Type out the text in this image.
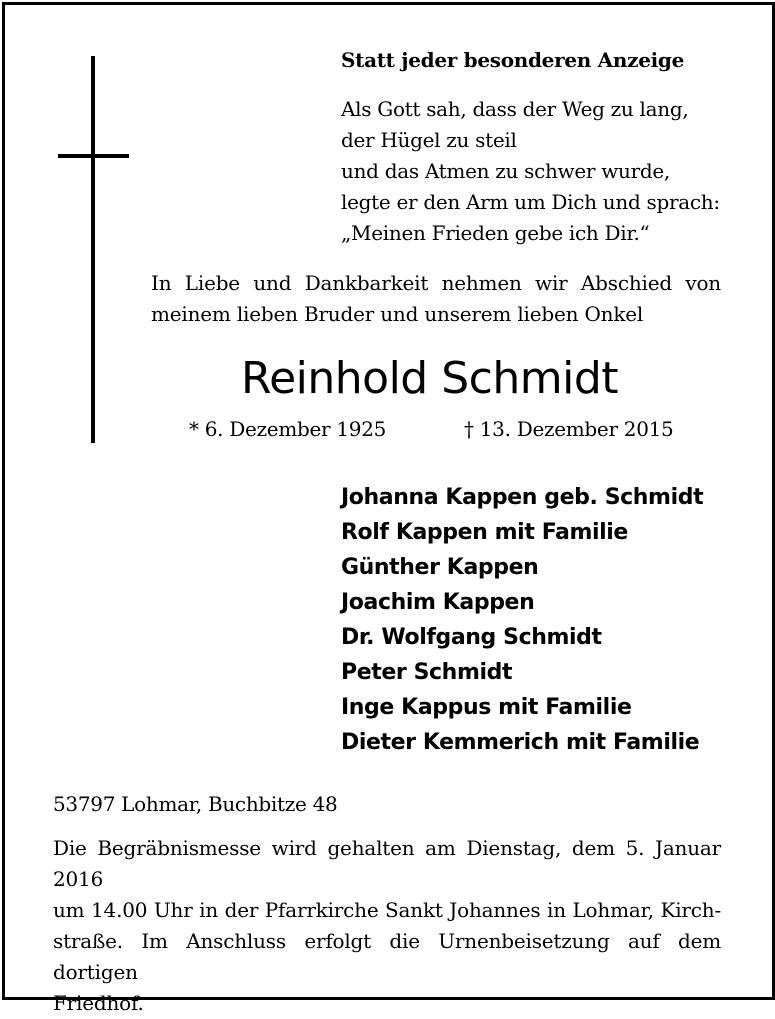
Statt jeder besonderen Anzeige
Als Gott sah, dass der Weg zu lang,
der Hügel zu steil
und das Atmen zu schwer wurde,
legte er den Arm um Dich und sprach:
„Meinen Frieden gebe ich Dir.“
In Liebe und Dankbarkeit nehmen wir Abschied von
meinem lieben Bruder und unserem lieben Onkel
Reinhold Schmidt
* 6. Dezember 1925	† 13. Dezember 2015
Johanna Kappen geb. Schmidt
Rolf Kappen mit Familie
Günther Kappen
Joachim Kappen
Dr. Wolfgang Schmidt
Peter Schmidt
Inge Kappus mit Familie
Dieter Kemmerich mit Familie
53797 Lohmar, Buchbitze 48
Die Begräbnismesse wird gehalten am Dienstag, dem 5. Januar 2016
um 14.00 Uhr in der Pfarrkirche Sankt Johannes in Lohmar, Kirch-
straße. Im Anschluss erfolgt die Urnenbeisetzung auf dem dortigen
Friedhof.
